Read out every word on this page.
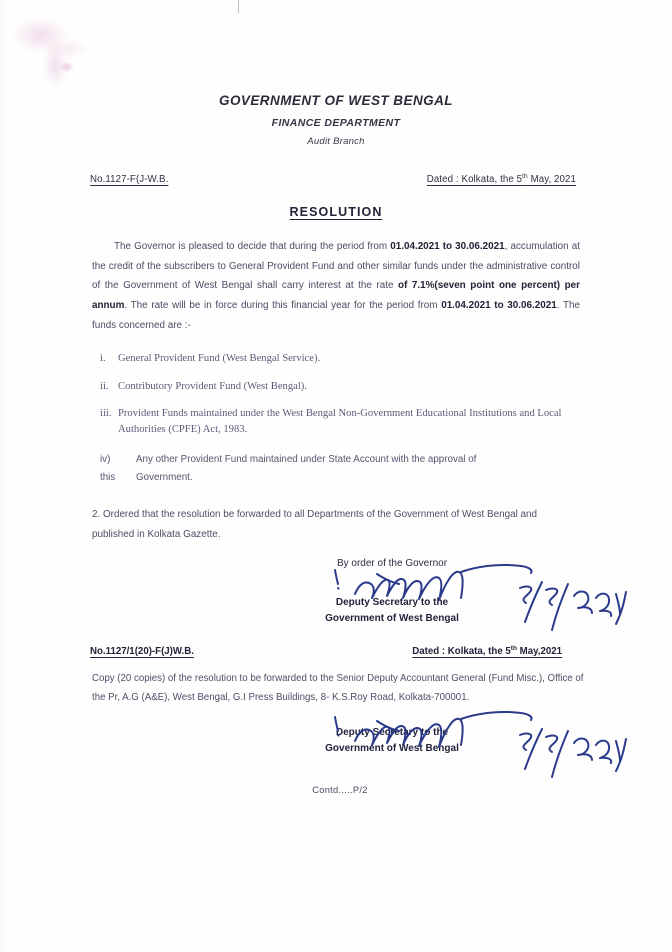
GOVERNMENT OF WEST BENGAL
FINANCE DEPARTMENT
Audit Branch
No.1127-F(J-W.B.	Dated : Kolkata, the 5th May, 2021
RESOLUTION

The Governor is pleased to decide that during the period from 01.04.2021 to 30.06.2021, accumulation at the credit of the subscribers to General Provident Fund and other similar funds under the administrative control of the Government of West Bengal shall carry interest at the rate of 7.1%(seven point one percent) per annum. The rate will be in force during this financial year for the period from 01.04.2021 to 30.06.2021. The funds concerned are :-

i.	General Provident Fund (West Bengal Service).
ii. Contributory Provident Fund (West Bengal).
iii. Provident Funds maintained under the West Bengal Non-Government Educational Institutions and Local Authorities (CPFE) Act, 1983.
iv)	Any other Provident Fund maintained under State Account with the approval of
this	Government.

2. Ordered that the resolution be forwarded to all Departments of the Government of West Bengal and published in Kolkata Gazette.

By order of the Governor
Deputy Secretary to the
Government of West Bengal
No.1127/1(20)-F(J)W.B.	Dated : Kolkata, the 5th May,2021

Copy (20 copies) of the resolution to be forwarded to the Senior Deputy Accountant General (Fund Misc.), Office of the Pr, A.G (A&E), West Bengal, G.I Press Buildings, 8- K.S.Roy Road, Kolkata-700001.

Deputy Secretary to the
Government of West Bengal
Contd.....P/2
